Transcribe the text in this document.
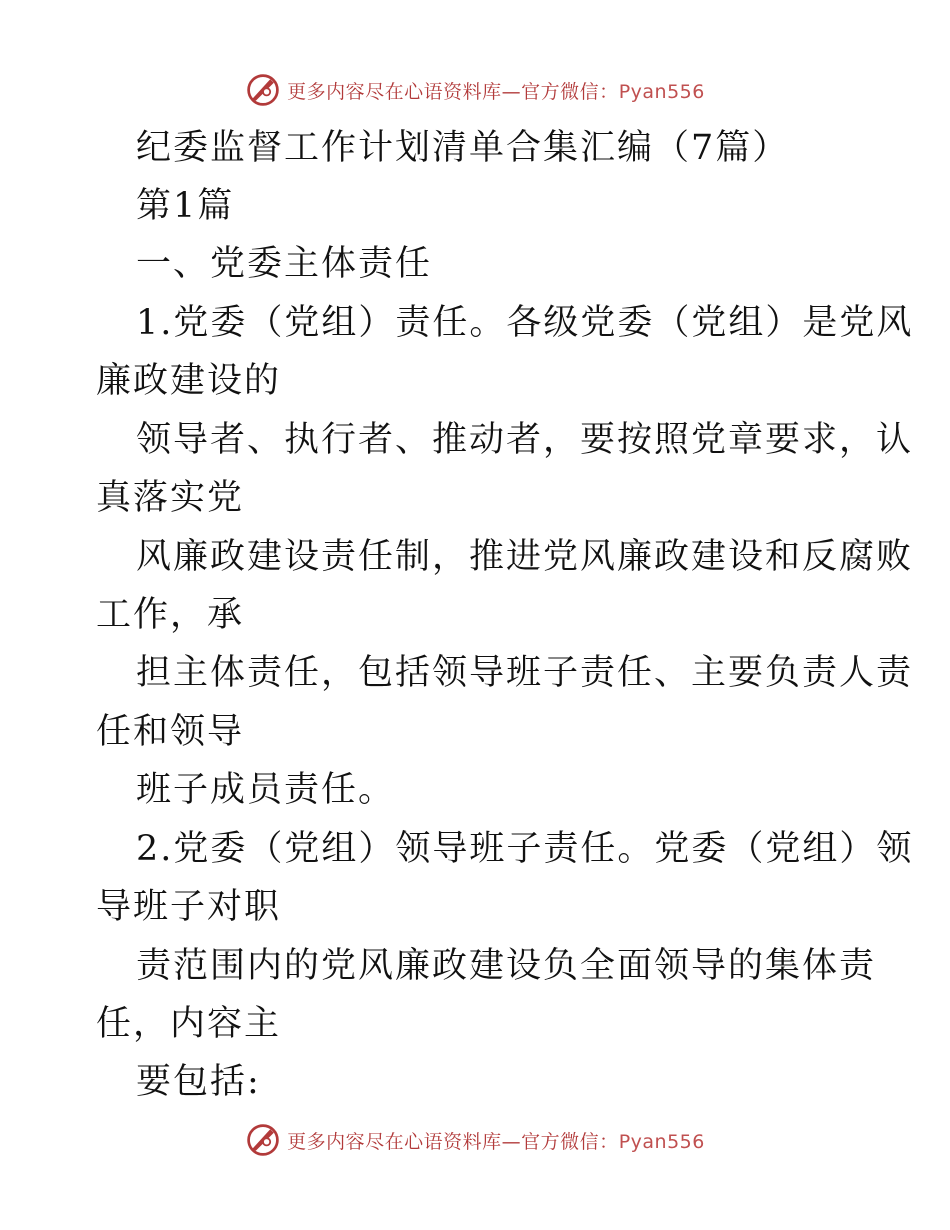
更多内容尽在心语资料库—官方微信：Pyan556
纪委监督工作计划清单合集汇编（7篇）
第1篇
一、党委主体责任
1.党委（党组）责任。各级党委（党组）是党风
廉政建设的
领导者、执行者、推动者，要按照党章要求，认
真落实党
风廉政建设责任制，推进党风廉政建设和反腐败
工作，承
担主体责任，包括领导班子责任、主要负责人责
任和领导
班子成员责任。
2.党委（党组）领导班子责任。党委（党组）领
导班子对职
责范围内的党风廉政建设负全面领导的集体责
任，内容主
要包括:
更多内容尽在心语资料库—官方微信：Pyan556
